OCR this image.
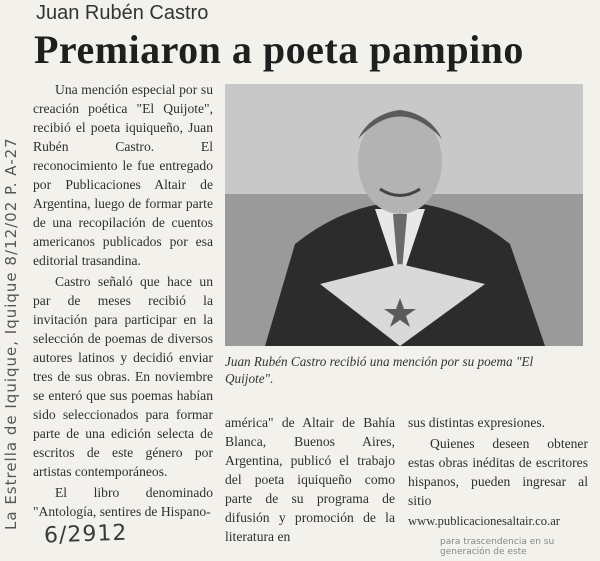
La Estrella de Iquique, Iquique 8/12/02 P. A-27
Juan Rubén Castro
Premiaron a poeta pampino

Una mención especial por su creación poética "El Quijote", recibió el poeta iquiqueño, Juan Rubén Castro. El reconocimiento le fue entregado por Publicaciones Altair de Argentina, luego de formar parte de una recopilación de cuentos americanos publicados por esa editorial trasandina.

Castro señaló que hace un par de meses recibió la invitación para participar en la selección de poemas de diversos autores latinos y decidió enviar tres de sus obras. En noviembre se enteró que sus poemas habían sido seleccionados para formar parte de una edición selecta de escritos de este género por artistas contemporáneos.

El libro denominado "Antología, sentires de Hispano-

Juan Rubén Castro recibió una mención por su poema "El Quijote".

américa" de Altair de Bahía Blanca, Buenos Aires, Argentina, publicó el trabajo del poeta iquiqueño como parte de su programa de difusión y promoción de la literatura en

sus distintas expresiones.

Quienes deseen obtener estas obras inéditas de escritores hispanos, pueden ingresar al sitio

www.publicacionesaltair.co.ar

para trascendencia en su generación de este
6/2912
